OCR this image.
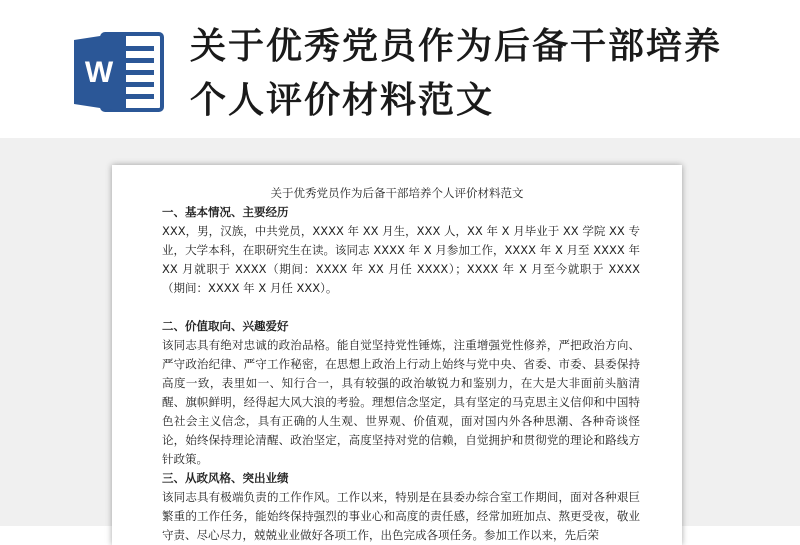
W
关于优秀党员作为后备干部培养个人评价材料范文
关于优秀党员作为后备干部培养个人评价材料范文

一、基本情况、主要经历

XXX，男，汉族，中共党员，XXXX 年 XX 月生，XXX 人，XX 年 X 月毕业于 XX 学院 XX 专业，大学本科，在职研究生在读。该同志 XXXX 年 X 月参加工作，XXXX 年 X 月至 XXXX 年 XX 月就职于 XXXX（期间：XXXX 年 XX 月任 XXXX）；XXXX 年 X 月至今就职于 XXXX（期间：XXXX 年 X 月任 XXX）。

二、价值取向、兴趣爱好

该同志具有绝对忠诚的政治品格。能自觉坚持党性锤炼，注重增强党性修养，严把政治方向、严守政治纪律、严守工作秘密，在思想上政治上行动上始终与党中央、省委、市委、县委保持高度一致，表里如一、知行合一，具有较强的政治敏锐力和鉴别力，在大是大非面前头脑清醒、旗帜鲜明，经得起大风大浪的考验。理想信念坚定，具有坚定的马克思主义信仰和中国特色社会主义信念，具有正确的人生观、世界观、价值观，面对国内外各种思潮、各种奇谈怪论，始终保持理论清醒、政治坚定，高度坚持对党的信赖，自觉拥护和贯彻党的理论和路线方针政策。

三、从政风格、突出业绩

该同志具有极端负责的工作作风。工作以来，特别是在县委办综合室工作期间，面对各种艰巨繁重的工作任务，能始终保持强烈的事业心和高度的责任感，经常加班加点、熬更受夜，敬业守责、尽心尽力，兢兢业业做好各项工作，出色完成各项任务。参加工作以来，先后荣
